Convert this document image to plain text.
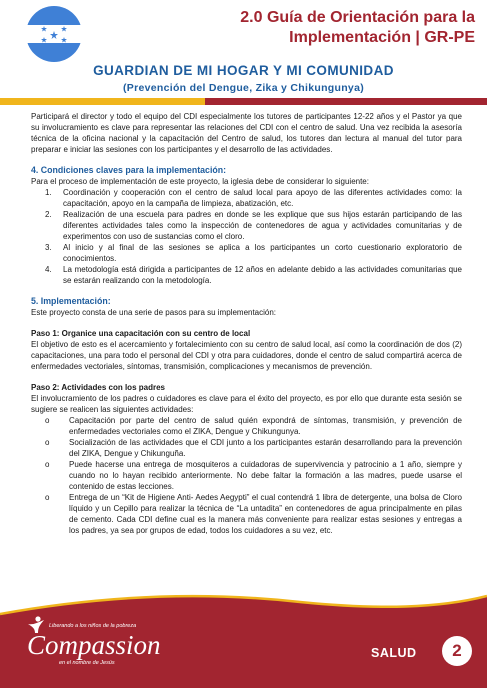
2.0 Guía de Orientación para la
Implementación | GR-PE
GUARDIAN DE MI HOGAR Y MI COMUNIDAD
(Prevención del Dengue, Zika y Chikungunya)

Participará el director y todo el equipo del CDI especialmente los tutores de participantes 12-22 años y el Pastor ya que su involucramiento es clave para representar las relaciones del CDI con el centro de salud. Una vez recibida la asesoría técnica de la oficina nacional y la capacitación del Centro de salud, los tutores dan lectura al manual del tutor para preparar e iniciar las sesiones con los participantes y el desarrollo de las actividades.

4. Condiciones claves para la implementación:

Para el proceso de implementación de este proyecto, la iglesia debe de considerar lo siguiente:

1. Coordinación y cooperación con el centro de salud local para apoyo de las diferentes actividades como: la capacitación, apoyo en la campaña de limpieza, abatización, etc.
2. Realización de una escuela para padres en donde se les explique que sus hijos estarán participando de las diferentes actividades tales como la inspección de contenedores de agua y actividades comunitarias y de experimentos con uso de sustancias como el cloro.
3. Al inicio y al final de las sesiones se aplica a los participantes un corto cuestionario exploratorio de conocimientos.
4. La metodología está dirigida a participantes de 12 años en adelante debido a las actividades comunitarias que se estarán realizando con la metodología.

5. Implementación:

Este proyecto consta de una serie de pasos para su implementación:

Paso 1: Organice una capacitación con su centro de local

El objetivo de esto es el acercamiento y fortalecimiento con su centro de salud local, así como la coordinación de dos (2) capacitaciones, una para todo el personal del CDI y otra para cuidadores, donde el centro de salud compartirá acerca de enfermedades vectoriales, síntomas, transmisión, complicaciones y mecanismos de prevención.

Paso 2: Actividades con los padres

El involucramiento de los padres o cuidadores es clave para el éxito del proyecto, es por ello que durante esta sesión se sugiere se realicen las siguientes actividades:

o Capacitación por parte del centro de salud quién expondrá de síntomas, transmisión, y prevención de enfermedades vectoriales como el ZIKA, Dengue y Chikungunya.
o Socialización de las actividades que el CDI junto a los participantes estarán desarrollando para la prevención del ZIKA, Dengue y Chikunguña.
o Puede hacerse una entrega de mosquiteros a cuidadoras de supervivencia y patrocinio a 1 año, siempre y cuando no lo hayan recibido anteriormente. No debe faltar la formación a las madres, puede usarse el contenido de estas lecciones.
o Entrega de un “Kit de Higiene Anti- Aedes Aegypti” el cual contendrá 1 libra de detergente, una bolsa de Cloro líquido y un Cepillo para realizar la técnica de “La untadita” en contenedores de agua principalmente en pilas de cemento. Cada CDI define cual es la manera más conveniente para realizar estas sesiones y entregas a los padres, ya sea por grupos de edad, todos los cuidadores a su vez, etc.
Liberando a los niños de la pobreza
Compassion
en el nombre de Jesús
SALUD	2
